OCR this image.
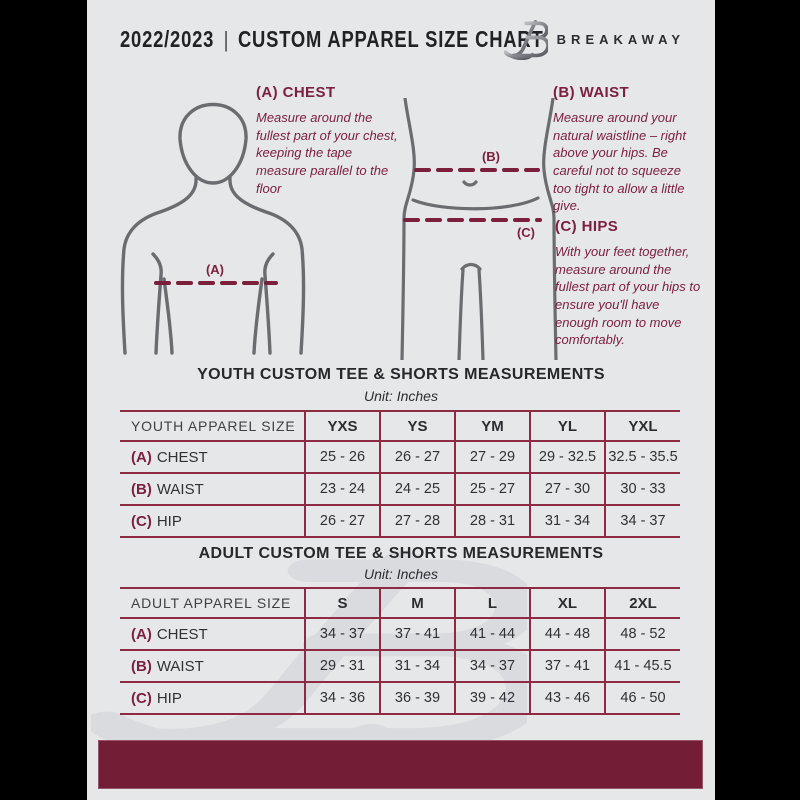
2022/2023 | CUSTOM APPAREL SIZE CHART BREAKAWAY
(A)
(A) CHEST
Measure around the fullest part of your chest, keeping the tape measure parallel to the floor
(B)
(C)
(B) WAIST
Measure around your natural waistline – right above your hips. Be careful not to squeeze too tight to allow a little give.
(C) HIPS
With your feet together, measure around the fullest part of your hips to ensure you'll have enough room to move comfortably.
YOUTH CUSTOM TEE & SHORTS MEASUREMENTS
Unit: Inches
YOUTH APPAREL SIZE	YXS	YS	YM	YL	YXL
(A) CHEST	25 - 26	26 - 27	27 - 29	29 - 32.5	32.5 - 35.5
(B) WAIST	23 - 24	24 - 25	25 - 27	27 - 30	30 - 33
(C) HIP	26 - 27	27 - 28	28 - 31	31 - 34	34 - 37
ADULT CUSTOM TEE & SHORTS MEASUREMENTS
Unit: Inches
ADULT APPAREL SIZE	S	M	L	XL	2XL
(A) CHEST	34 - 37	37 - 41	41 - 44	44 - 48	48 - 52
(B) WAIST	29 - 31	31 - 34	34 - 37	37 - 41	41 - 45.5
(C) HIP	34 - 36	36 - 39	39 - 42	43 - 46	46 - 50
